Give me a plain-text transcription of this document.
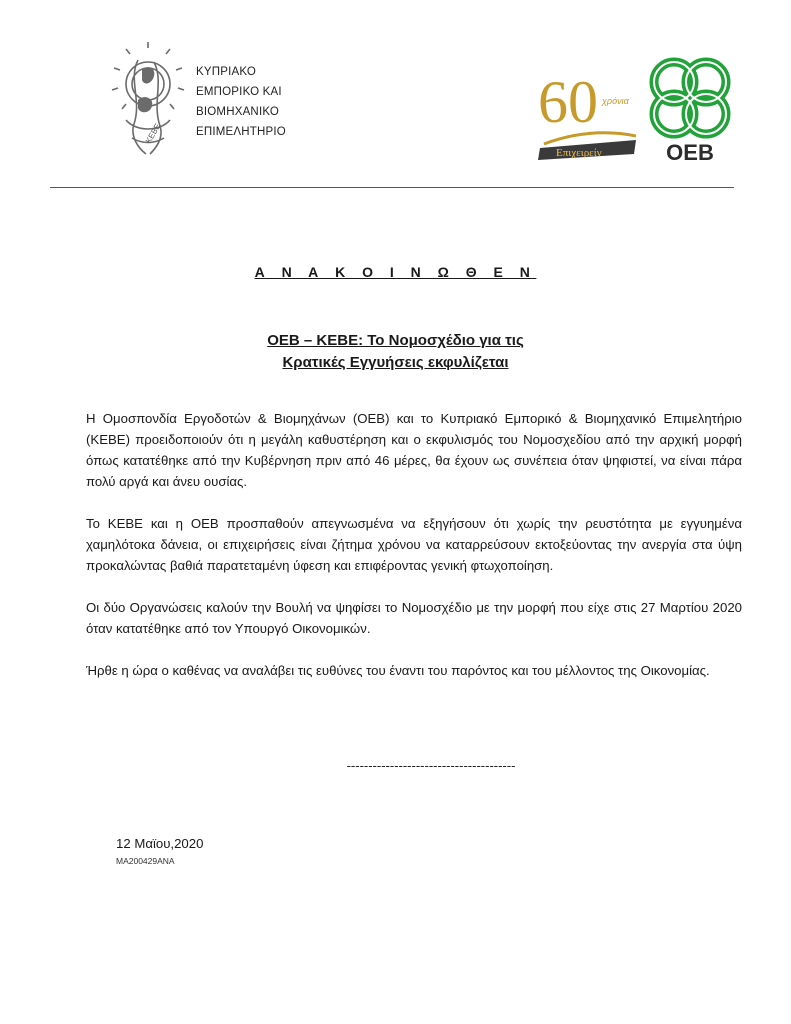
ΚΕΒΕ
ΚΥΠΡΙΑΚΟ
ΕΜΠΟΡΙΚΟ ΚΑΙ
ΒΙΟΜΗΧΑΝΙΚΟ
ΕΠΙΜΕΛΗΤΗΡΙΟ	60 χρόνια
Επιχειρείν	ΟΕΒ
Α Ν Α Κ Ο Ι Ν Ω Θ Ε Ν
ΟΕΒ – ΚΕΒΕ: Το Νομοσχέδιο για τις
Κρατικές Εγγυήσεις εκφυλίζεται

Η Ομοσπονδία Εργοδοτών & Βιομηχάνων (ΟΕΒ) και το Κυπριακό Εμπορικό & Βιομηχανικό Επιμελητήριο (ΚΕΒΕ) προειδοποιούν ότι η μεγάλη καθυστέρηση και ο εκφυλισμός του Νομοσχεδίου από την αρχική μορφή όπως κατατέθηκε από την Κυβέρνηση πριν από 46 μέρες, θα έχουν ως συνέπεια όταν ψηφιστεί, να είναι πάρα πολύ αργά και άνευ ουσίας.

Το ΚΕΒΕ και η ΟΕΒ προσπαθούν απεγνωσμένα να εξηγήσουν ότι χωρίς την ρευστότητα με εγγυημένα χαμηλότοκα δάνεια, οι επιχειρήσεις είναι ζήτημα χρόνου να καταρρεύσουν εκτοξεύοντας την ανεργία στα ύψη προκαλώντας βαθιά παρατεταμένη ύφεση και επιφέροντας γενική φτωχοποίηση.

Οι δύο Οργανώσεις καλούν την Βουλή να ψηφίσει το Νομοσχέδιο με την μορφή που είχε στις 27 Μαρτίου 2020 όταν κατατέθηκε από τον Υπουργό Οικονομικών.

Ήρθε η ώρα ο καθένας να αναλάβει τις ευθύνες του έναντι του παρόντος και του μέλλοντος της Οικονομίας.

---------------------------------------
12 Μαϊου,2020
MA200429ANA
